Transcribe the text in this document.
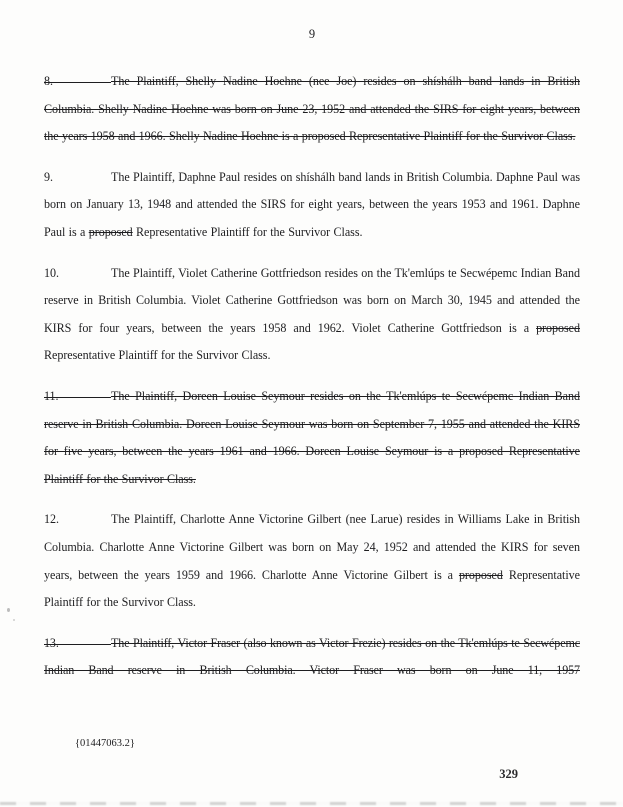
9

8.	The Plaintiff, Shelly Nadine Hoehne (nee Joe) resides on shíshálh band lands in British Columbia. Shelly Nadine Hoehne was born on June 23, 1952 and attended the SIRS for eight years, between the years 1958 and 1966. Shelly Nadine Hoehne is a proposed Representative Plaintiff for the Survivor Class.

9.	The Plaintiff, Daphne Paul resides on shíshálh band lands in British Columbia. Daphne Paul was born on January 13, 1948 and attended the SIRS for eight years, between the years 1953 and 1961. Daphne Paul is a proposed Representative Plaintiff for the Survivor Class.

10.	The Plaintiff, Violet Catherine Gottfriedson resides on the Tk'emlúps te Secwépemc Indian Band reserve in British Columbia. Violet Catherine Gottfriedson was born on March 30, 1945 and attended the KIRS for four years, between the years 1958 and 1962. Violet Catherine Gottfriedson is a proposed Representative Plaintiff for the Survivor Class.

11.	The Plaintiff, Doreen Louise Seymour resides on the Tk'emlúps te Secwépemc Indian Band reserve in British Columbia. Doreen Louise Seymour was born on September 7, 1955 and attended the KIRS for five years, between the years 1961 and 1966. Doreen Louise Seymour is a proposed Representative Plaintiff for the Survivor Class.

12.	The Plaintiff, Charlotte Anne Victorine Gilbert (nee Larue) resides in Williams Lake in British Columbia. Charlotte Anne Victorine Gilbert was born on May 24, 1952 and attended the KIRS for seven years, between the years 1959 and 1966. Charlotte Anne Victorine Gilbert is a proposed Representative Plaintiff for the Survivor Class.

13.	The Plaintiff, Victor Fraser (also known as Victor Frezie) resides on the Tk'emlúps te Secwépemc Indian Band reserve in British Columbia. Victor Fraser was born on June 11, 1957

{01447063.2}
329
